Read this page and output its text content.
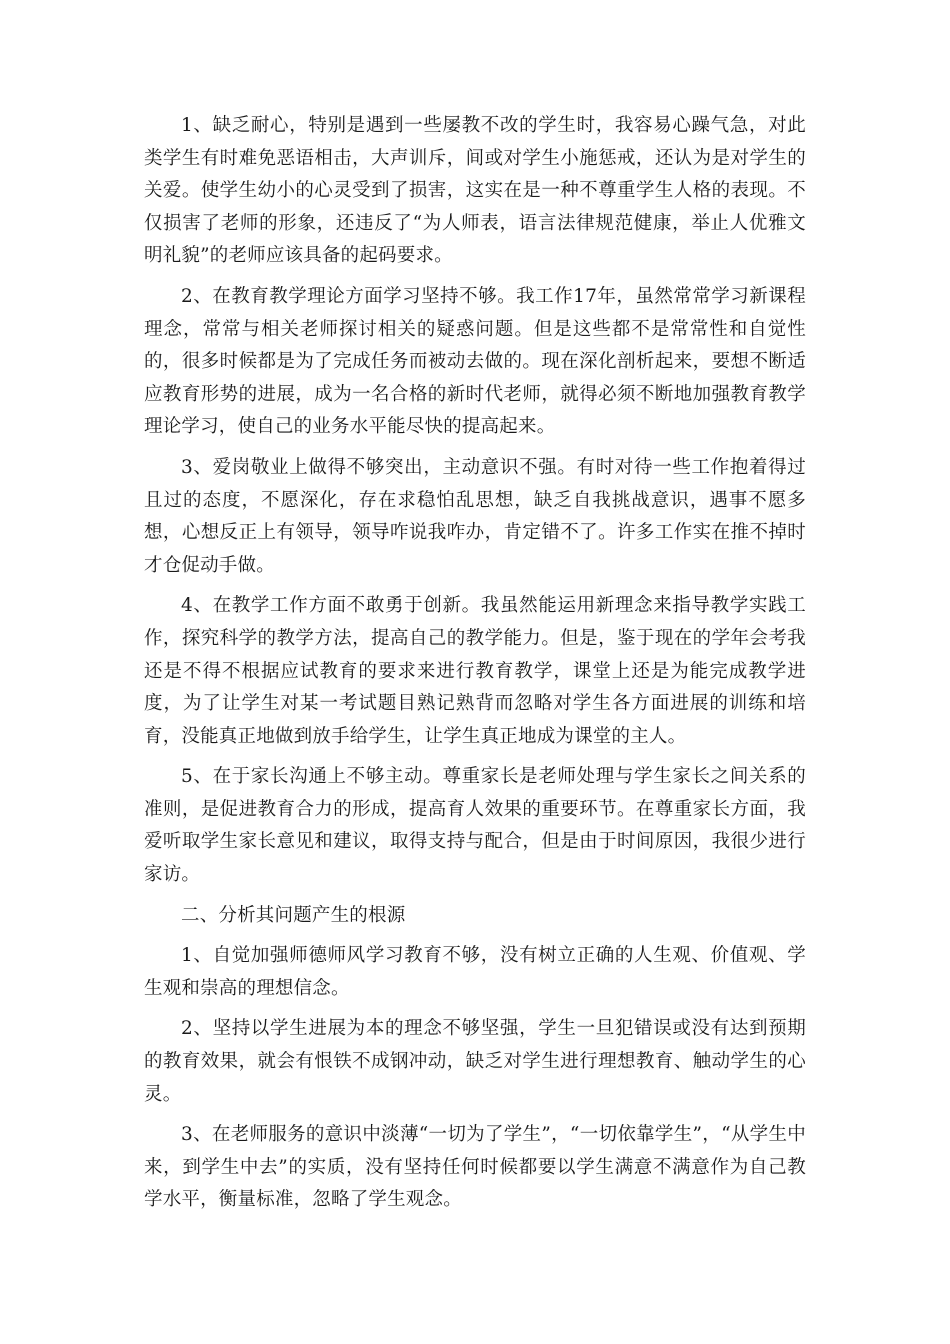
1、缺乏耐心，特别是遇到一些屡教不改的学生时，我容易心躁气急，对此类学生有时难免恶语相击，大声训斥，间或对学生小施惩戒，还认为是对学生的关爱。使学生幼小的心灵受到了损害，这实在是一种不尊重学生人格的表现。不仅损害了老师的形象，还违反了“为人师表，语言法律规范健康，举止人优雅文明礼貌”的老师应该具备的起码要求。

2、在教育教学理论方面学习坚持不够。我工作17年，虽然常常学习新课程理念，常常与相关老师探讨相关的疑惑问题。但是这些都不是常常性和自觉性的，很多时候都是为了完成任务而被动去做的。现在深化剖析起来，要想不断适应教育形势的进展，成为一名合格的新时代老师，就得必须不断地加强教育教学理论学习，使自己的业务水平能尽快的提高起来。

3、爱岗敬业上做得不够突出，主动意识不强。有时对待一些工作抱着得过且过的态度，不愿深化，存在求稳怕乱思想，缺乏自我挑战意识，遇事不愿多想，心想反正上有领导，领导咋说我咋办，肯定错不了。许多工作实在推不掉时才仓促动手做。

4、在教学工作方面不敢勇于创新。我虽然能运用新理念来指导教学实践工作，探究科学的教学方法，提高自己的教学能力。但是，鉴于现在的学年会考我还是不得不根据应试教育的要求来进行教育教学，课堂上还是为能完成教学进度，为了让学生对某一考试题目熟记熟背而忽略对学生各方面进展的训练和培育，没能真正地做到放手给学生，让学生真正地成为课堂的主人。

5、在于家长沟通上不够主动。尊重家长是老师处理与学生家长之间关系的准则，是促进教育合力的形成，提高育人效果的重要环节。在尊重家长方面，我爱听取学生家长意见和建议，取得支持与配合，但是由于时间原因，我很少进行家访。

二、分析其问题产生的根源

1、自觉加强师德师风学习教育不够，没有树立正确的人生观、价值观、学生观和崇高的理想信念。

2、坚持以学生进展为本的理念不够坚强，学生一旦犯错误或没有达到预期的教育效果，就会有恨铁不成钢冲动，缺乏对学生进行理想教育、触动学生的心灵。

3、在老师服务的意识中淡薄“一切为了学生”，“一切依靠学生”，“从学生中来，到学生中去”的实质，没有坚持任何时候都要以学生满意不满意作为自己教学水平，衡量标准，忽略了学生观念。
